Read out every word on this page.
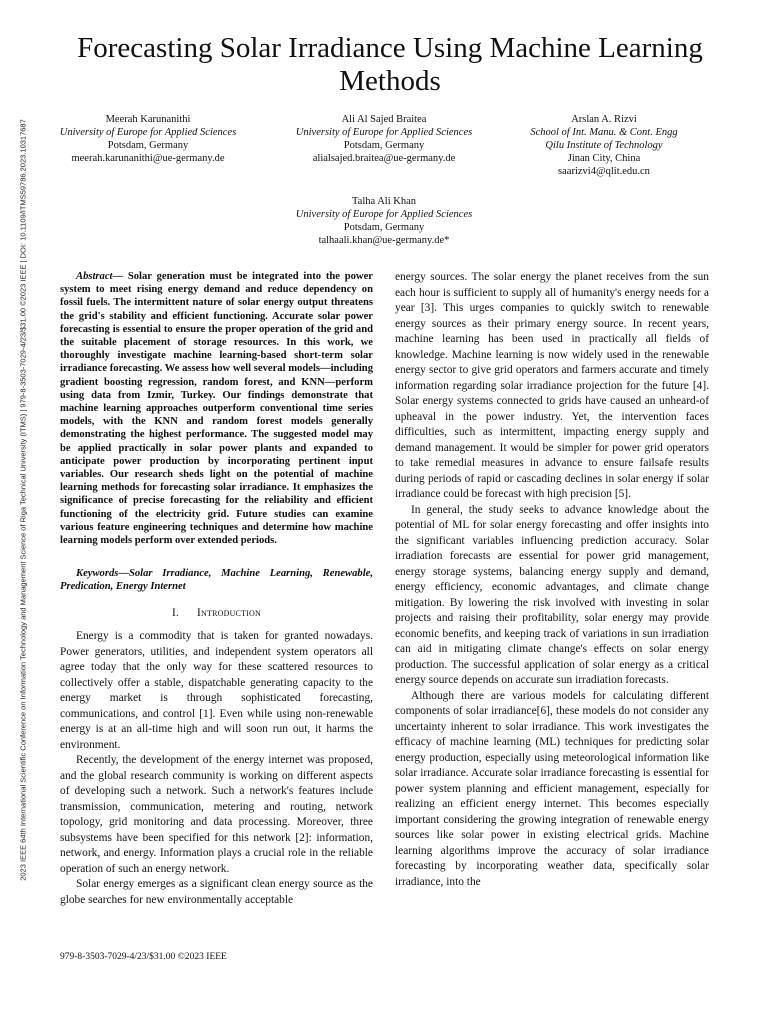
2023 IEEE 64th International Scientific Conference on Information Technology and Management Science of Riga Technical University (ITMS) | 979-8-3503-7029-4/23/$31.00 ©2023 IEEE | DOI: 10.1109/ITMS59786.2023.10317687
Forecasting Solar Irradiance Using Machine Learning Methods
Meerah Karunanithi
University of Europe for Applied Sciences
Potsdam, Germany
meerah.karunanithi@ue-germany.de
Ali Al Sajed Braitea
University of Europe for Applied Sciences
Potsdam, Germany
alialsajed.braitea@ue-germany.de
Arslan A. Rizvi
School of Int. Manu. & Cont. Engg
Qilu Institute of Technology
Jinan City, China
saarizvi4@qlit.edu.cn
Talha Ali Khan
University of Europe for Applied Sciences
Potsdam, Germany
talhaali.khan@ue-germany.de*

Abstract— Solar generation must be integrated into the power system to meet rising energy demand and reduce dependency on fossil fuels. The intermittent nature of solar energy output threatens the grid's stability and efficient functioning. Accurate solar power forecasting is essential to ensure the proper operation of the grid and the suitable placement of storage resources. In this work, we thoroughly investigate machine learning-based short-term solar irradiance forecasting. We assess how well several models—including gradient boosting regression, random forest, and KNN—perform using data from Izmir, Turkey. Our findings demonstrate that machine learning approaches outperform conventional time series models, with the KNN and random forest models generally demonstrating the highest performance. The suggested model may be applied practically in solar power plants and expanded to anticipate power production by incorporating pertinent input variables. Our research sheds light on the potential of machine learning methods for forecasting solar irradiance. It emphasizes the significance of precise forecasting for the reliability and efficient functioning of the electricity grid. Future studies can examine various feature engineering techniques and determine how machine learning models perform over extended periods.

Keywords—Solar Irradiance, Machine Learning, Renewable, Predication, Energy Internet

I. Introduction

Energy is a commodity that is taken for granted nowadays. Power generators, utilities, and independent system operators all agree today that the only way for these scattered resources to collectively offer a stable, dispatchable generating capacity to the energy market is through sophisticated forecasting, communications, and control [1]. Even while using non-renewable energy is at an all-time high and will soon run out, it harms the environment.

Recently, the development of the energy internet was proposed, and the global research community is working on different aspects of developing such a network. Such a network's features include transmission, communication, metering and routing, network topology, grid monitoring and data processing. Moreover, three subsystems have been specified for this network [2]: information, network, and energy. Information plays a crucial role in the reliable operation of such an energy network.

Solar energy emerges as a significant clean energy source as the globe searches for new environmentally acceptable

energy sources. The solar energy the planet receives from the sun each hour is sufficient to supply all of humanity's energy needs for a year [3]. This urges companies to quickly switch to renewable energy sources as their primary energy source. In recent years, machine learning has been used in practically all fields of knowledge. Machine learning is now widely used in the renewable energy sector to give grid operators and farmers accurate and timely information regarding solar irradiance projection for the future [4]. Solar energy systems connected to grids have caused an unheard-of upheaval in the power industry. Yet, the intervention faces difficulties, such as intermittent, impacting energy supply and demand management. It would be simpler for power grid operators to take remedial measures in advance to ensure failsafe results during periods of rapid or cascading declines in solar energy if solar irradiance could be forecast with high precision [5].

In general, the study seeks to advance knowledge about the potential of ML for solar energy forecasting and offer insights into the significant variables influencing prediction accuracy. Solar irradiation forecasts are essential for power grid management, energy storage systems, balancing energy supply and demand, energy efficiency, economic advantages, and climate change mitigation. By lowering the risk involved with investing in solar projects and raising their profitability, solar energy may provide economic benefits, and keeping track of variations in sun irradiation can aid in mitigating climate change's effects on solar energy production. The successful application of solar energy as a critical energy source depends on accurate sun irradiation forecasts.

Although there are various models for calculating different components of solar irradiance[6], these models do not consider any uncertainty inherent to solar irradiance. This work investigates the efficacy of machine learning (ML) techniques for predicting solar energy production, especially using meteorological information like solar irradiance. Accurate solar irradiance forecasting is essential for power system planning and efficient management, especially for realizing an efficient energy internet. This becomes especially important considering the growing integration of renewable energy sources like solar power in existing electrical grids. Machine learning algorithms improve the accuracy of solar irradiance forecasting by incorporating weather data, specifically solar irradiance, into the

979-8-3503-7029-4/23/$31.00 ©2023 IEEE
